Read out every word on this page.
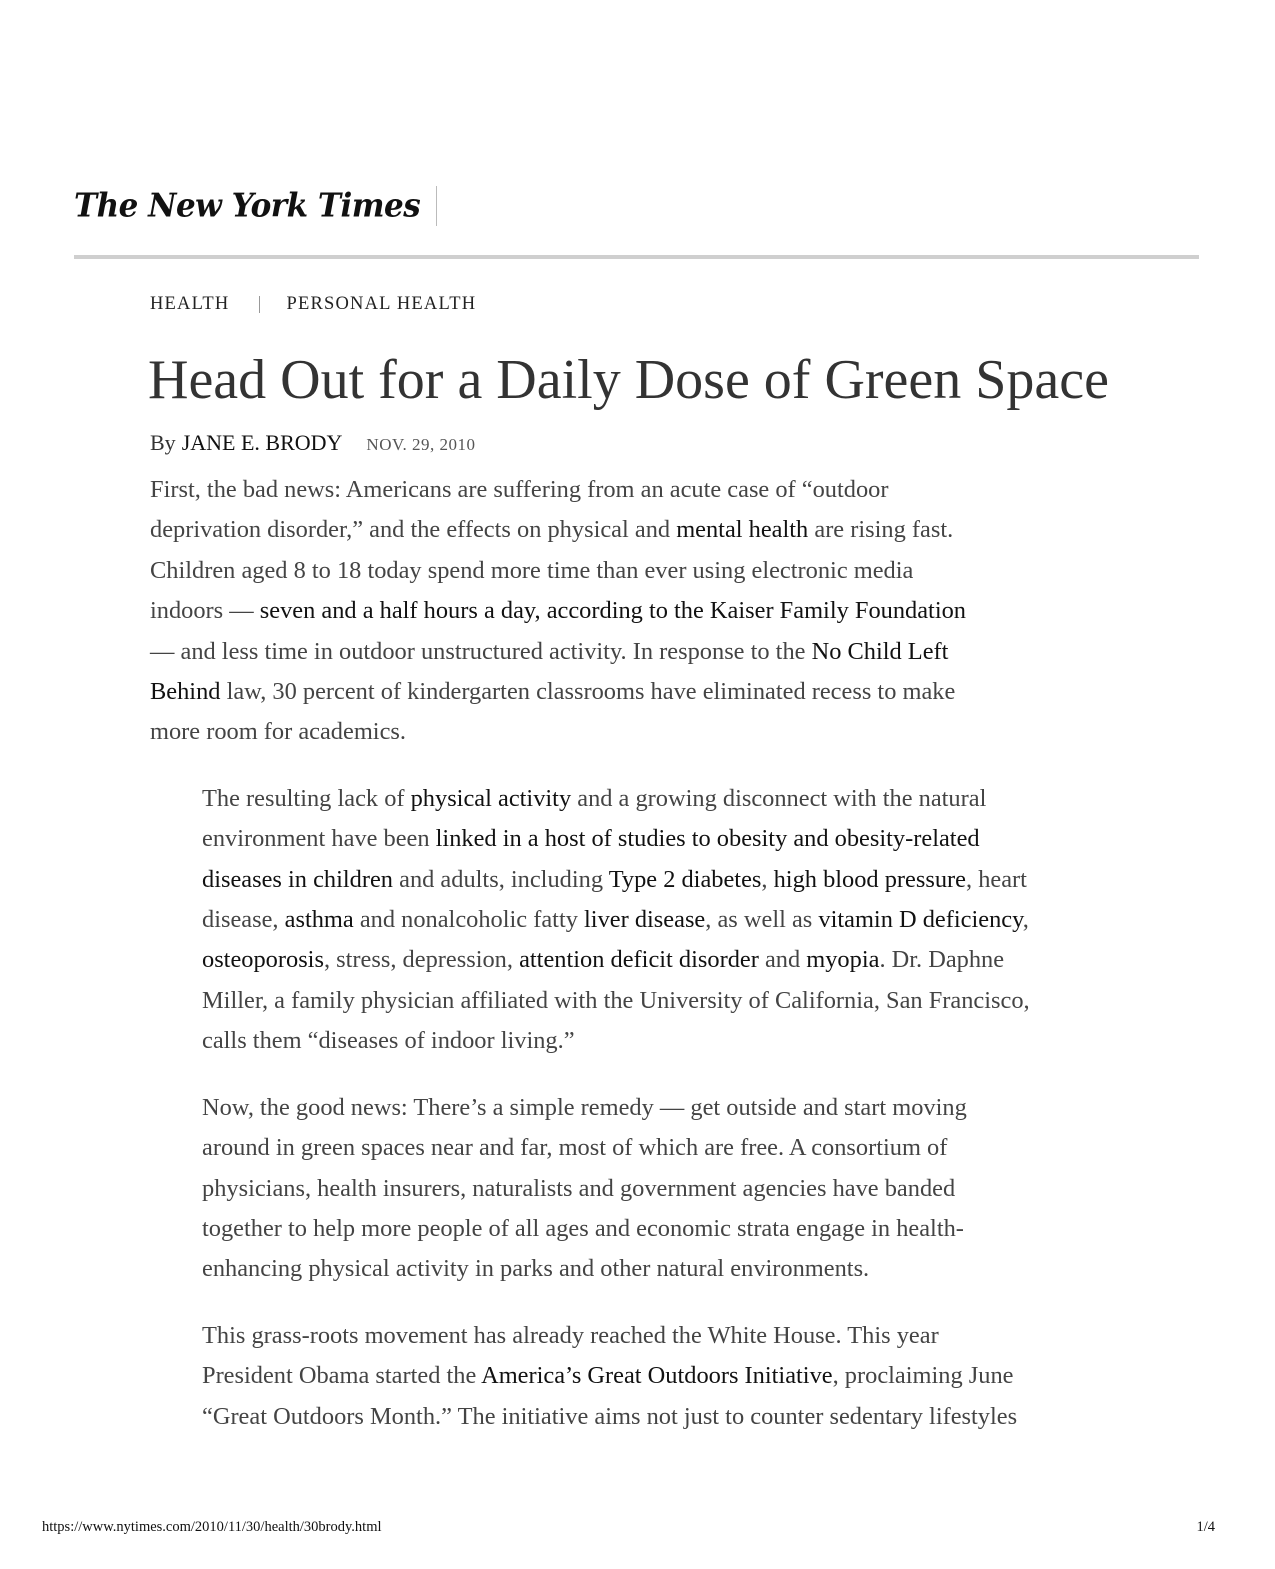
The New York Times
HEALTH	PERSONAL HEALTH
Head Out for a Daily Dose of Green Space
By JANE E. BRODY NOV. 29, 2010

First, the bad news: Americans are suffering from an acute case of “outdoor
deprivation disorder,” and the effects on physical and mental health are rising fast.
Children aged 8 to 18 today spend more time than ever using electronic media
indoors — seven and a half hours a day, according to the Kaiser Family Foundation
— and less time in outdoor unstructured activity. In response to the No Child Left
Behind law, 30 percent of kindergarten classrooms have eliminated recess to make
more room for academics.

The resulting lack of physical activity and a growing disconnect with the natural
environment have been linked in a host of studies to obesity and obesity-related
diseases in children and adults, including Type 2 diabetes, high blood pressure, heart
disease, asthma and nonalcoholic fatty liver disease, as well as vitamin D deficiency,
osteoporosis, stress, depression, attention deficit disorder and myopia. Dr. Daphne
Miller, a family physician affiliated with the University of California, San Francisco,
calls them “diseases of indoor living.”

Now, the good news: There’s a simple remedy — get outside and start moving
around in green spaces near and far, most of which are free. A consortium of
physicians, health insurers, naturalists and government agencies have banded
together to help more people of all ages and economic strata engage in health-
enhancing physical activity in parks and other natural environments.

This grass-roots movement has already reached the White House. This year
President Obama started the America’s Great Outdoors Initiative, proclaiming June
“Great Outdoors Month.” The initiative aims not just to counter sedentary lifestyles

https://www.nytimes.com/2010/11/30/health/30brody.html	1/4
